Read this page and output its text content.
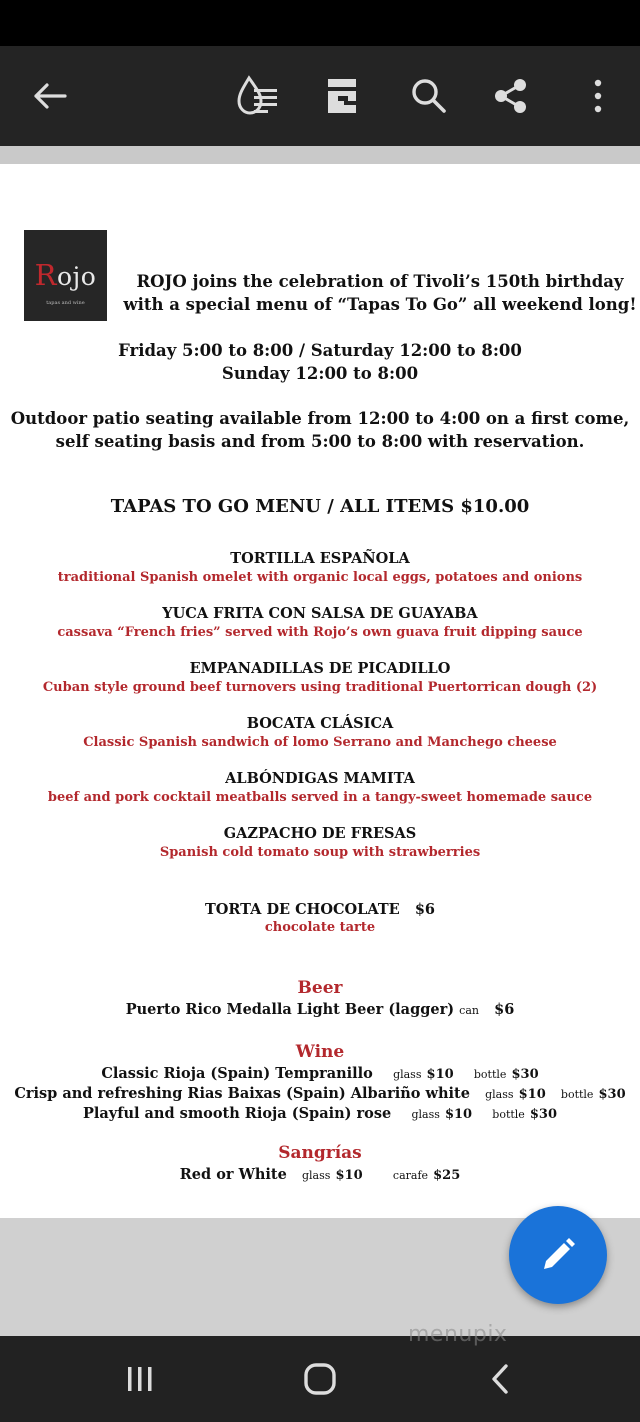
Rojo
tapas and wine
ROJO joins the celebration of Tivoli’s 150th birthday
with a special menu of “Tapas To Go” all weekend long!
Friday 5:00 to 8:00 / Saturday 12:00 to 8:00
Sunday 12:00 to 8:00
Outdoor patio seating available from 12:00 to 4:00 on a first come,
self seating basis and from 5:00 to 8:00 with reservation.
TAPAS TO GO MENU / ALL ITEMS $10.00
TORTILLA ESPAÑOLA
traditional Spanish omelet with organic local eggs, potatoes and onions
YUCA FRITA CON SALSA DE GUAYABA
cassava “French fries” served with Rojo’s own guava fruit dipping sauce
EMPANADILLAS DE PICADILLO
Cuban style ground beef turnovers using traditional Puertorrican dough (2)
BOCATA CLÁSICA
Classic Spanish sandwich of lomo Serrano and Manchego cheese
ALBÓNDIGAS MAMITA
beef and pork cocktail meatballs served in a tangy-sweet homemade sauce
GAZPACHO DE FRESAS
Spanish cold tomato soup with strawberries
TORTA DE CHOCOLATE $6
chocolate tarte
Beer
Puerto Rico Medalla Light Beer (lagger) can $6
Wine
Classic Rioja (Spain) Tempranillo glass $10 bottle $30
Crisp and refreshing Rias Baixas (Spain) Albariño white glass $10 bottle $30
Playful and smooth Rioja (Spain) rose glass $10 bottle $30
Sangrías
Red or White glass $10	carafe $25
menupix
